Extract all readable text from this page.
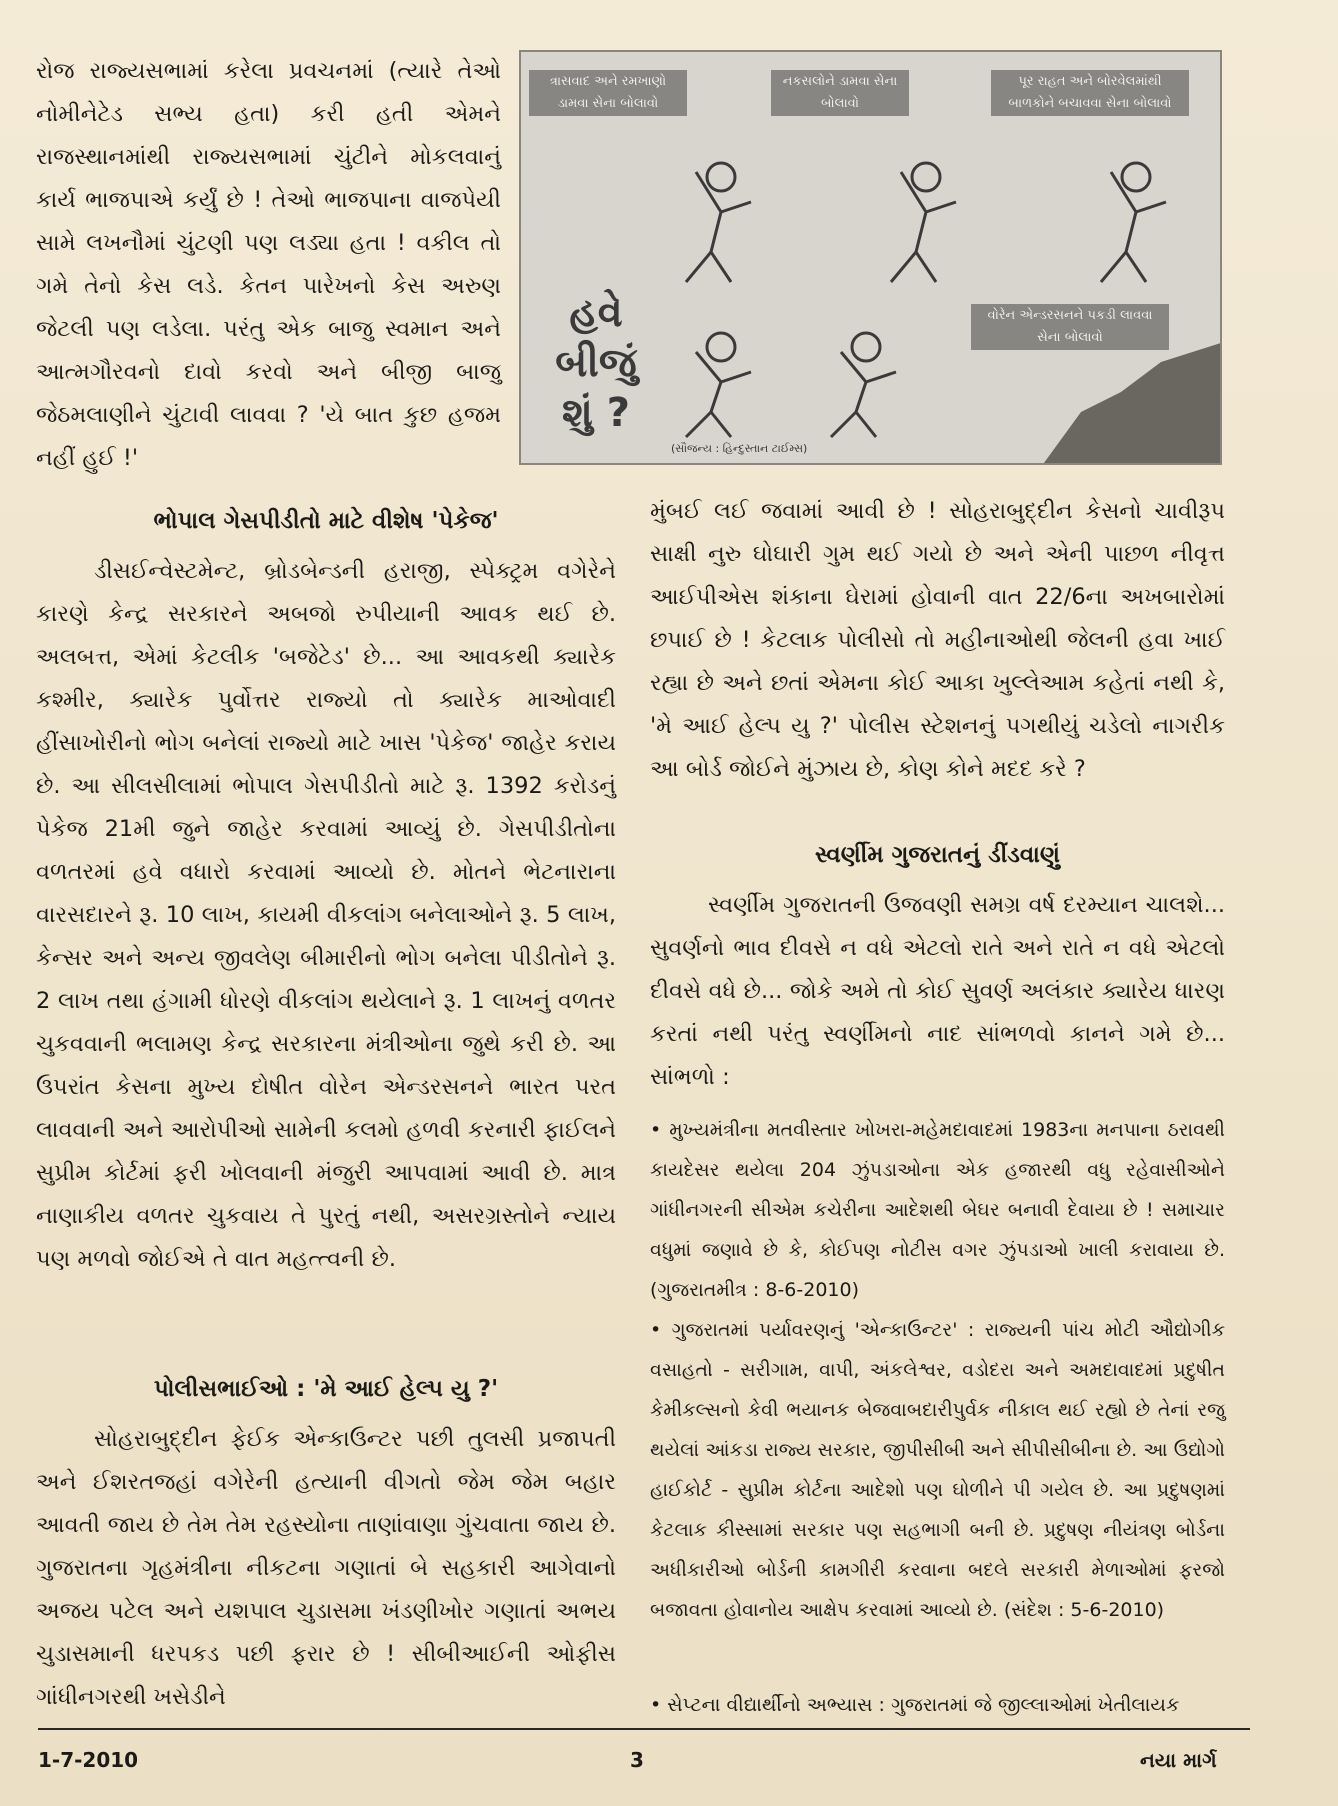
રોજ રાજ્યસભામાં કરેલા પ્રવચનમાં (ત્યારે તેઓ નોમીનેટેડ સભ્ય હતા) કરી હતી એમને રાજસ્થાનમાંથી રાજ્યસભામાં ચુંટીને મોકલવાનું કાર્ય ભાજપાએ કર્યું છે ! તેઓ ભાજપાના વાજપેયી સામે લખનૌમાં ચુંટણી પણ લડ્યા હતા ! વકીલ તો ગમે તેનો કેસ લડે. કેતન પારેખનો કેસ અરુણ જેટલી પણ લડેલા. પરંતુ એક બાજુ સ્વમાન અને આત્મગૌરવનો દાવો કરવો અને બીજી બાજુ જેઠમલાણીને ચુંટાવી લાવવા ? 'યે બાત કુછ હજમ નહીં હુઈ !'

ભોપાલ ગેસપીડીતો માટે વીશેષ 'પેકેજ'

ડીસઈન્વેસ્ટમેન્ટ, બ્રોડબેન્ડની હરાજી, સ્પેક્ટ્રમ વગેરેને કારણે કેન્દ્ર સરકારને અબજો રુપીયાની આવક થઈ છે. અલબત્ત, એમાં કેટલીક 'બજેટેડ' છે... આ આવકથી ક્યારેક કશ્મીર, ક્યારેક પુર્વોત્તર રાજ્યો તો ક્યારેક માઓવાદી હીંસાખોરીનો ભોગ બનેલાં રાજ્યો માટે ખાસ 'પેકેજ' જાહેર કરાય છે. આ સીલસીલામાં ભોપાલ ગેસપીડીતો માટે રૂ. 1392 કરોડનું પેકેજ 21મી જુને જાહેર કરવામાં આવ્યું છે. ગેસપીડીતોના વળતરમાં હવે વધારો કરવામાં આવ્યો છે. મોતને ભેટનારાના વારસદારને રૂ. 10 લાખ, કાયમી વીકલાંગ બનેલાઓને રૂ. 5 લાખ, કેન્સર અને અન્ય જીવલેણ બીમારીનો ભોગ બનેલા પીડીતોને રૂ. 2 લાખ તથા હંગામી ધોરણે વીકલાંગ થયેલાને રૂ. 1 લાખનું વળતર ચુકવવાની ભલામણ કેન્દ્ર સરકારના મંત્રીઓના જુથે કરી છે. આ ઉપરાંત કેસના મુખ્ય દોષીત વોરેન એન્ડરસનને ભારત પરત લાવવાની અને આરોપીઓ સામેની કલમો હળવી કરનારી ફાઈલને સુપ્રીમ કોર્ટમાં ફરી ખોલવાની મંજુરી આપવામાં આવી છે. માત્ર નાણાકીય વળતર ચુકવાય તે પુરતું નથી, અસરગ્રસ્તોને ન્યાય પણ મળવો જોઈએ તે વાત મહત્ત્વની છે.

પોલીસભાઈઓ : 'મે આઈ હેલ્પ યુ ?'

સોહરાબુદ્દીન ફેઈક એન્કાઉન્ટર પછી તુલસી પ્રજાપતી અને ઈશરતજહાં વગેરેની હત્યાની વીગતો જેમ જેમ બહાર આવતી જાય છે તેમ તેમ રહસ્યોના તાણાંવાણા ગુંચવાતા જાય છે. ગુજરાતના ગૃહમંત્રીના નીકટના ગણાતાં બે સહકારી આગેવાનો અજય પટેલ અને યશપાલ ચુડાસમા ખંડણીખોર ગણાતાં અભય ચુડાસમાની ધરપકડ પછી ફરાર છે ! સીબીઆઈની ઓફીસ ગાંધીનગરથી ખસેડીને

ત્રાસવાદ અને રમખાણો ડામવા સેના બોલાવો
નકસલોને ડામવા સેના બોલાવો
પૂર રાહત અને બોરવેલમાંથી બાળકોને બચાવવા સેના બોલાવો
વોરેન એન્ડરસનને પકડી લાવવા સેના બોલાવો
હવે બીજું શું ?
(સૌજન્ય : હિન્દુસ્તાન ટાઈમ્સ)

મુંબઈ લઈ જવામાં આવી છે ! સોહરાબુદ્દીન કેસનો ચાવીરૂપ સાક્ષી નુરુ ઘોઘારી ગુમ થઈ ગયો છે અને એની પાછળ નીવૃત્ત આઈપીએસ શંકાના ઘેરામાં હોવાની વાત 22/6ના અખબારોમાં છપાઈ છે ! કેટલાક પોલીસો તો મહીનાઓથી જેલની હવા ખાઈ રહ્યા છે અને છતાં એમના કોઈ આકા ખુલ્લેઆમ કહેતાં નથી કે, 'મે આઈ હેલ્પ યુ ?' પોલીસ સ્ટેશનનું પગથીયું ચડેલો નાગરીક આ બોર્ડ જોઈને મુંઝાય છે, કોણ કોને મદદ કરે ?

સ્વર્ણીમ ગુજરાતનું ડીંડવાણું

સ્વર્ણીમ ગુજરાતની ઉજવણી સમગ્ર વર્ષ દરમ્યાન ચાલશે... સુવર્ણનો ભાવ દીવસે ન વધે એટલો રાતે અને રાતે ન વધે એટલો દીવસે વધે છે... જોકે અમે તો કોઈ સુવર્ણ અલંકાર ક્યારેય ધારણ કરતાં નથી પરંતુ સ્વર્ણીમનો નાદ સાંભળવો કાનને ગમે છે... સાંભળો :

• મુખ્યમંત્રીના મતવીસ્તાર ખોખરા-મહેમદાવાદમાં 1983ના મનપાના ઠરાવથી કાયદેસર થયેલા 204 ઝુંપડાઓના એક હજારથી વધુ રહેવાસીઓને ગાંધીનગરની સીએમ કચેરીના આદેશથી બેઘર બનાવી દેવાયા છે ! સમાચાર વધુમાં જણાવે છે કે, કોઈપણ નોટીસ વગર ઝુંપડાઓ ખાલી કરાવાયા છે. (ગુજરાતમીત્ર : 8-6-2010)

• ગુજરાતમાં પર્યાવરણનું 'એન્કાઉન્ટર' : રાજ્યની પાંચ મોટી ઔદ્યોગીક વસાહતો - સરીગામ, વાપી, અંકલેશ્વર, વડોદરા અને અમદાવાદમાં પ્રદુષીત કેમીકલ્સનો કેવી ભયાનક બેજવાબદારીપુર્વક નીકાલ થઈ રહ્યો છે તેનાં રજુ થયેલાં આંકડા રાજ્ય સરકાર, જીપીસીબી અને સીપીસીબીના છે. આ ઉદ્યોગો હાઈકોર્ટ - સુપ્રીમ કોર્ટના આદેશો પણ ઘોળીને પી ગયેલ છે. આ પ્રદુષણમાં કેટલાક કીસ્સામાં સરકાર પણ સહભાગી બની છે. પ્રદુષણ નીયંત્રણ બોર્ડના અધીકારીઓ બોર્ડની કામગીરી કરવાના બદલે સરકારી મેળાઓમાં ફરજો બજાવતા હોવાનોય આક્ષેપ કરવામાં આવ્યો છે. (સંદેશ : 5-6-2010)

• સેપ્ટના વીદ્યાર્થીનો અભ્યાસ : ગુજરાતમાં જે જીલ્લાઓમાં ખેતીલાયક

1-7-2010	3	નયા માર્ગ
